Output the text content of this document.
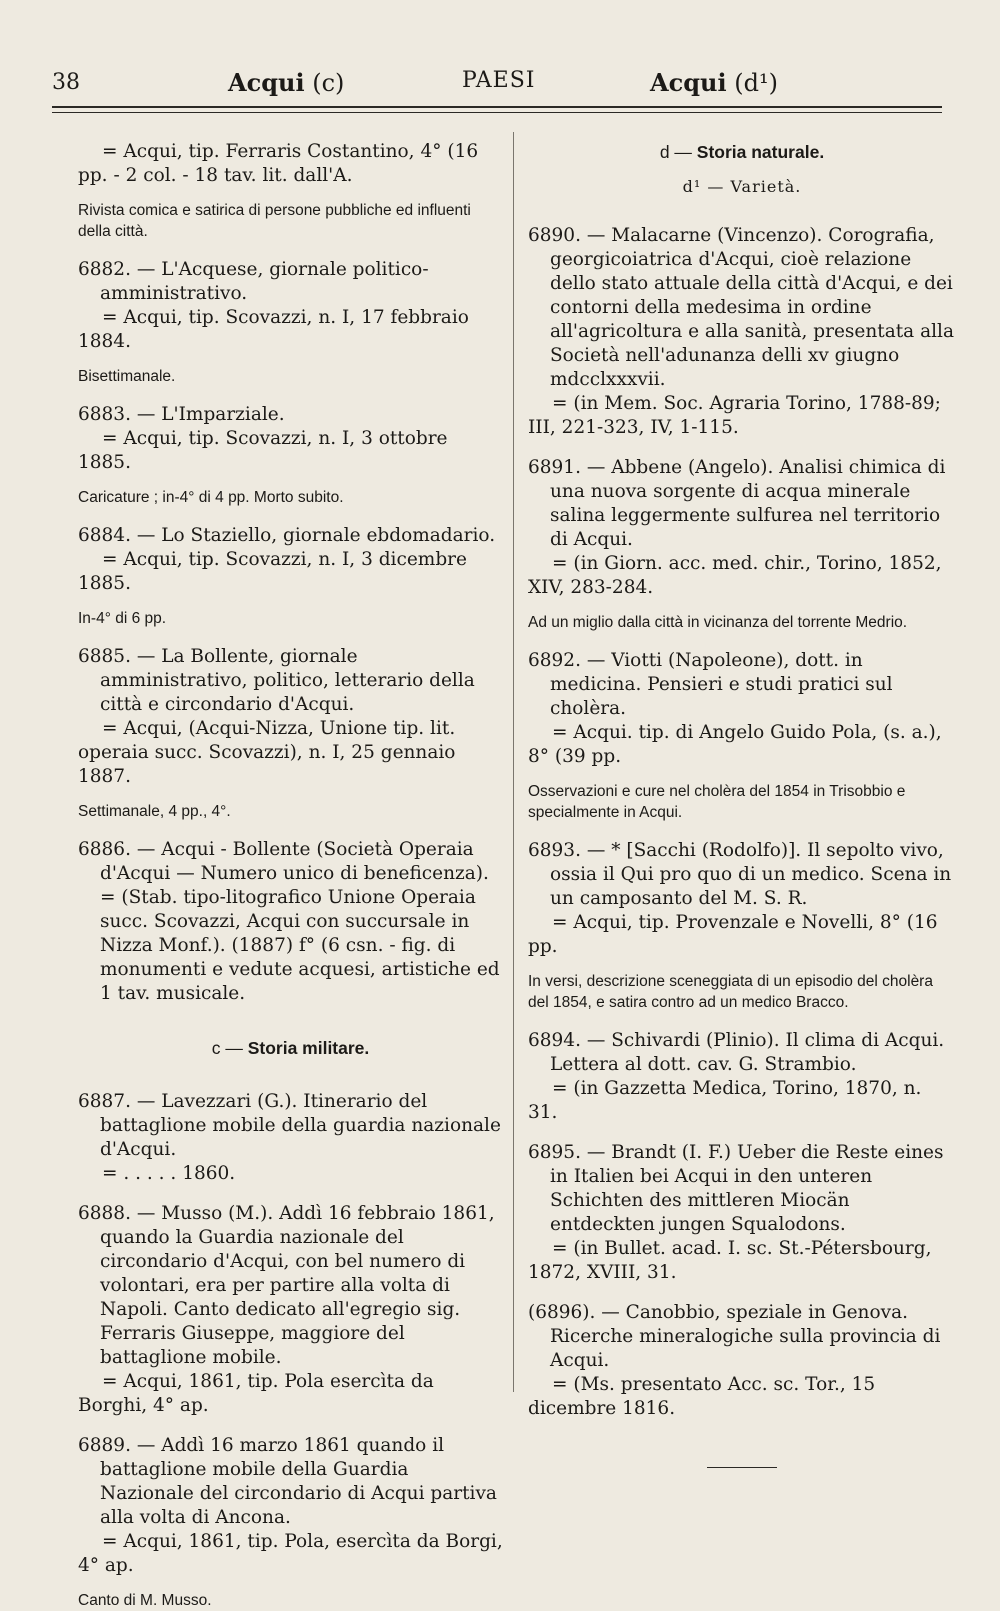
38	Acqui (c)	PAESI	Acqui (d¹)

= Acqui, tip. Ferraris Costantino, 4° (16 pp. - 2 col. - 18 tav. lit. dall'A.

Rivista comica e satirica di persone pubbliche ed influenti della città.

6882. — L'Acquese, giornale politico-amministrativo.

= Acqui, tip. Scovazzi, n. I, 17 febbraio 1884.

Bisettimanale.

6883. — L'Imparziale.

= Acqui, tip. Scovazzi, n. I, 3 ottobre 1885.

Caricature ; in-4° di 4 pp. Morto subito.

6884. — Lo Staziello, giornale ebdomadario.

= Acqui, tip. Scovazzi, n. I, 3 dicembre 1885.

In-4° di 6 pp.

6885. — La Bollente, giornale amministrativo, politico, letterario della città e circondario d'Acqui.

= Acqui, (Acqui-Nizza, Unione tip. lit. operaia succ. Scovazzi), n. I, 25 gennaio 1887.

Settimanale, 4 pp., 4°.

6886. — Acqui - Bollente (Società Operaia d'Acqui — Numero unico di beneficenza). = (Stab. tipo-litografico Unione Operaia succ. Scovazzi, Acqui con succursale in Nizza Monf.). (1887) f° (6 csn. - fig. di monumenti e vedute acquesi, artistiche ed 1 tav. musicale.

c — Storia militare.

6887. — Lavezzari (G.). Itinerario del battaglione mobile della guardia nazionale d'Acqui.

= . . . . . 1860.

6888. — Musso (M.). Addì 16 febbraio 1861, quando la Guardia nazionale del circondario d'Acqui, con bel numero di volontari, era per partire alla volta di Napoli. Canto dedicato all'egregio sig. Ferraris Giuseppe, maggiore del battaglione mobile.

= Acqui, 1861, tip. Pola esercìta da Borghi, 4° ap.

6889. — Addì 16 marzo 1861 quando il battaglione mobile della Guardia Nazionale del circondario di Acqui partiva alla volta di Ancona.

= Acqui, 1861, tip. Pola, esercìta da Borgi, 4° ap.

Canto di M. Musso.

d — Storia naturale.

d¹ — Varietà.

6890. — Malacarne (Vincenzo). Corografia, georgicoiatrica d'Acqui, cioè relazione dello stato attuale della città d'Acqui, e dei contorni della medesima in ordine all'agricoltura e alla sanità, presentata alla Società nell'adunanza delli xv giugno mdcclxxxvii.

= (in Mem. Soc. Agraria Torino, 1788-89; III, 221-323, IV, 1-115.

6891. — Abbene (Angelo). Analisi chimica di una nuova sorgente di acqua minerale salina leggermente sulfurea nel territorio di Acqui.

= (in Giorn. acc. med. chir., Torino, 1852, XIV, 283-284.

Ad un miglio dalla città in vicinanza del torrente Medrio.

6892. — Viotti (Napoleone), dott. in medicina. Pensieri e studi pratici sul cholèra.

= Acqui. tip. di Angelo Guido Pola, (s. a.), 8° (39 pp.

Osservazioni e cure nel cholèra del 1854 in Trisobbio e specialmente in Acqui.

6893. — * [Sacchi (Rodolfo)]. Il sepolto vivo, ossia il Qui pro quo di un medico. Scena in un camposanto del M. S. R.

= Acqui, tip. Provenzale e Novelli, 8° (16 pp.

In versi, descrizione sceneggiata di un episodio del cholèra del 1854, e satira contro ad un medico Bracco.

6894. — Schivardi (Plinio). Il clima di Acqui. Lettera al dott. cav. G. Strambio.

= (in Gazzetta Medica, Torino, 1870, n. 31.

6895. — Brandt (I. F.) Ueber die Reste eines in Italien bei Acqui in den unteren Schichten des mittleren Miocän entdeckten jungen Squalodons.

= (in Bullet. acad. I. sc. St.-Pétersbourg, 1872, XVIII, 31.

(6896). — Canobbio, speziale in Genova. Ricerche mineralogiche sulla provincia di Acqui.

= (Ms. presentato Acc. sc. Tor., 15 dicembre 1816.
